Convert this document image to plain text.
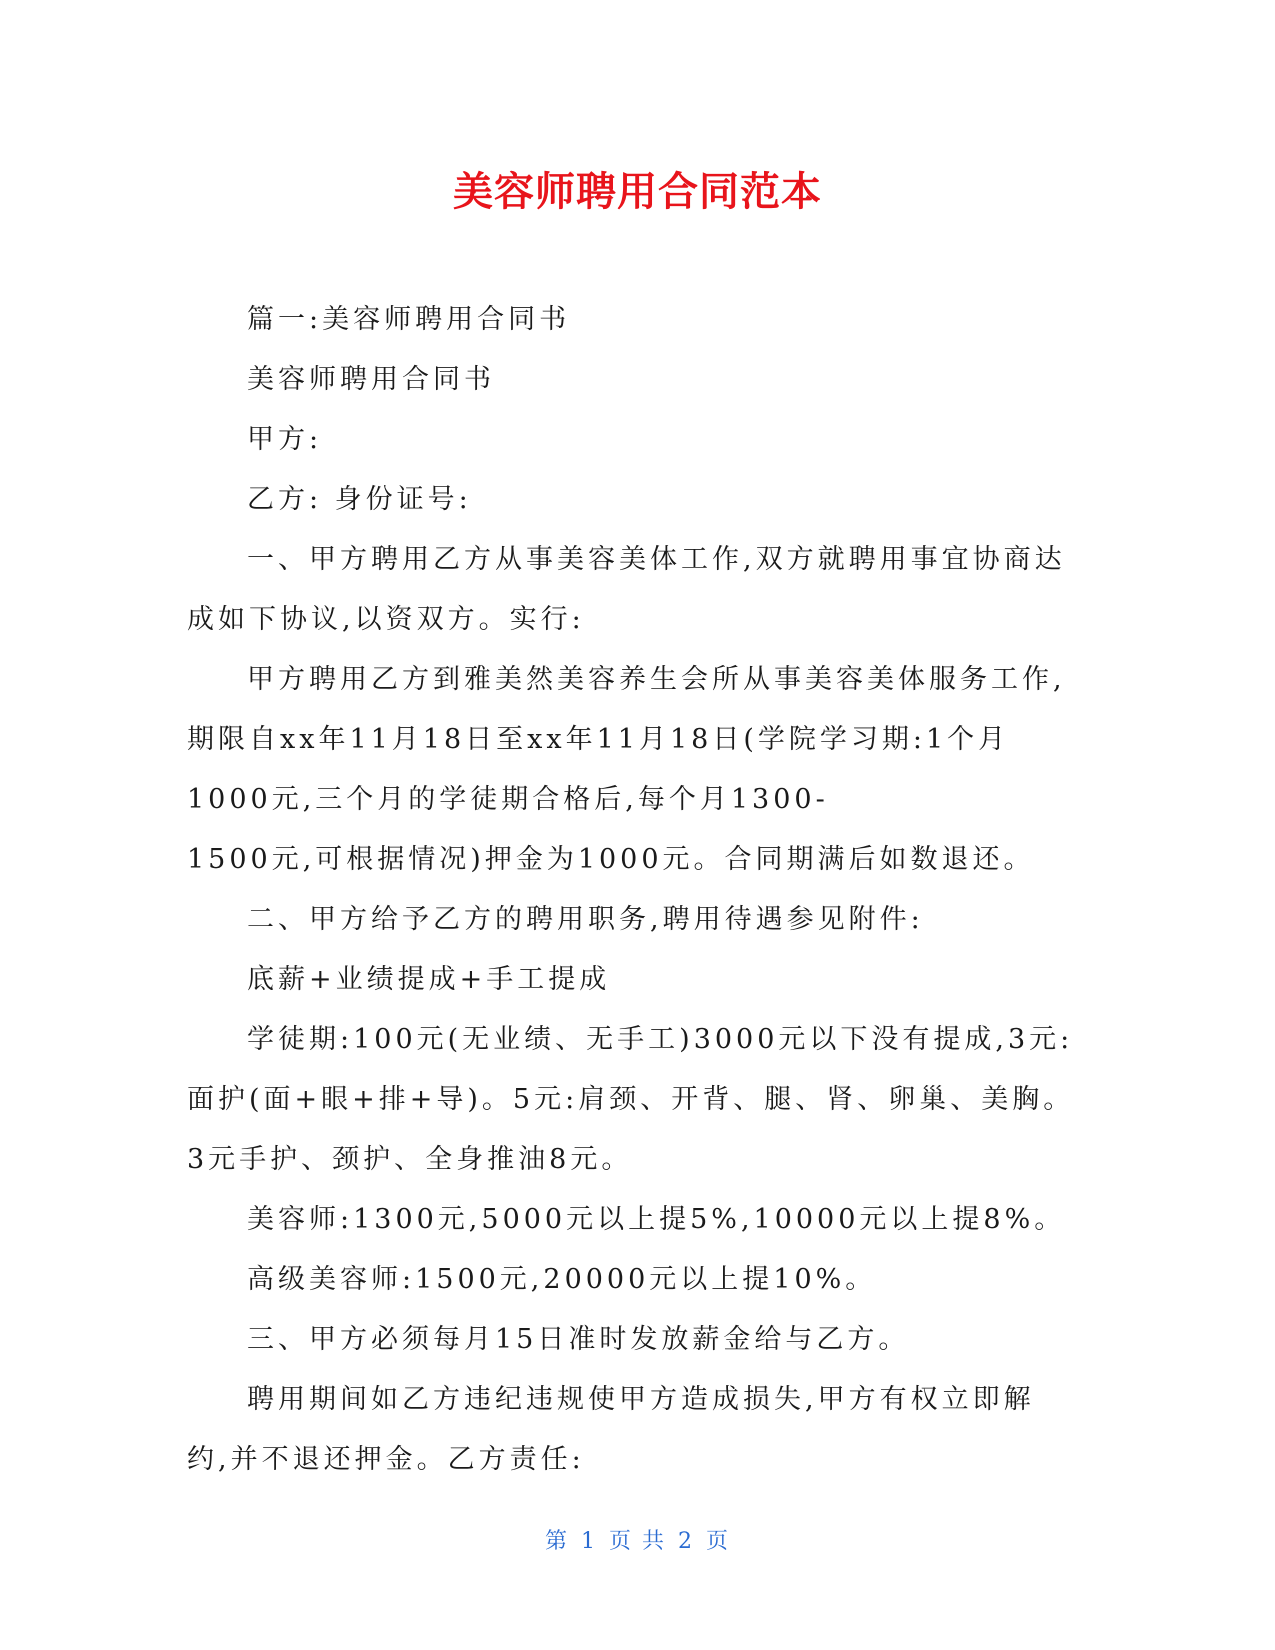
美容师聘用合同范本

篇一:美容师聘用合同书

美容师聘用合同书

甲方:

乙方: 身份证号:

一、甲方聘用乙方从事美容美体工作,双方就聘用事宜协商达成如下协议,以资双方。实行:

甲方聘用乙方到雅美然美容养生会所从事美容美体服务工作,期限自xx年11月18日至xx年11月18日(学院学习期:1个月1000元,三个月的学徒期合格后,每个月1300-

1500元,可根据情况)押金为1000元。合同期满后如数退还。

二、甲方给予乙方的聘用职务,聘用待遇参见附件:

底薪+业绩提成+手工提成

学徒期:100元(无业绩、无手工)3000元以下没有提成,3元:面护(面+眼+排+导)。5元:肩颈、开背、腿、肾、卵巢、美胸。3元手护、颈护、全身推油8元。

美容师:1300元,5000元以上提5%,10000元以上提8%。

高级美容师:1500元,20000元以上提10%。

三、甲方必须每月15日准时发放薪金给与乙方。

聘用期间如乙方违纪违规使甲方造成损失,甲方有权立即解约,并不退还押金。乙方责任:

第 1 页 共 2 页
